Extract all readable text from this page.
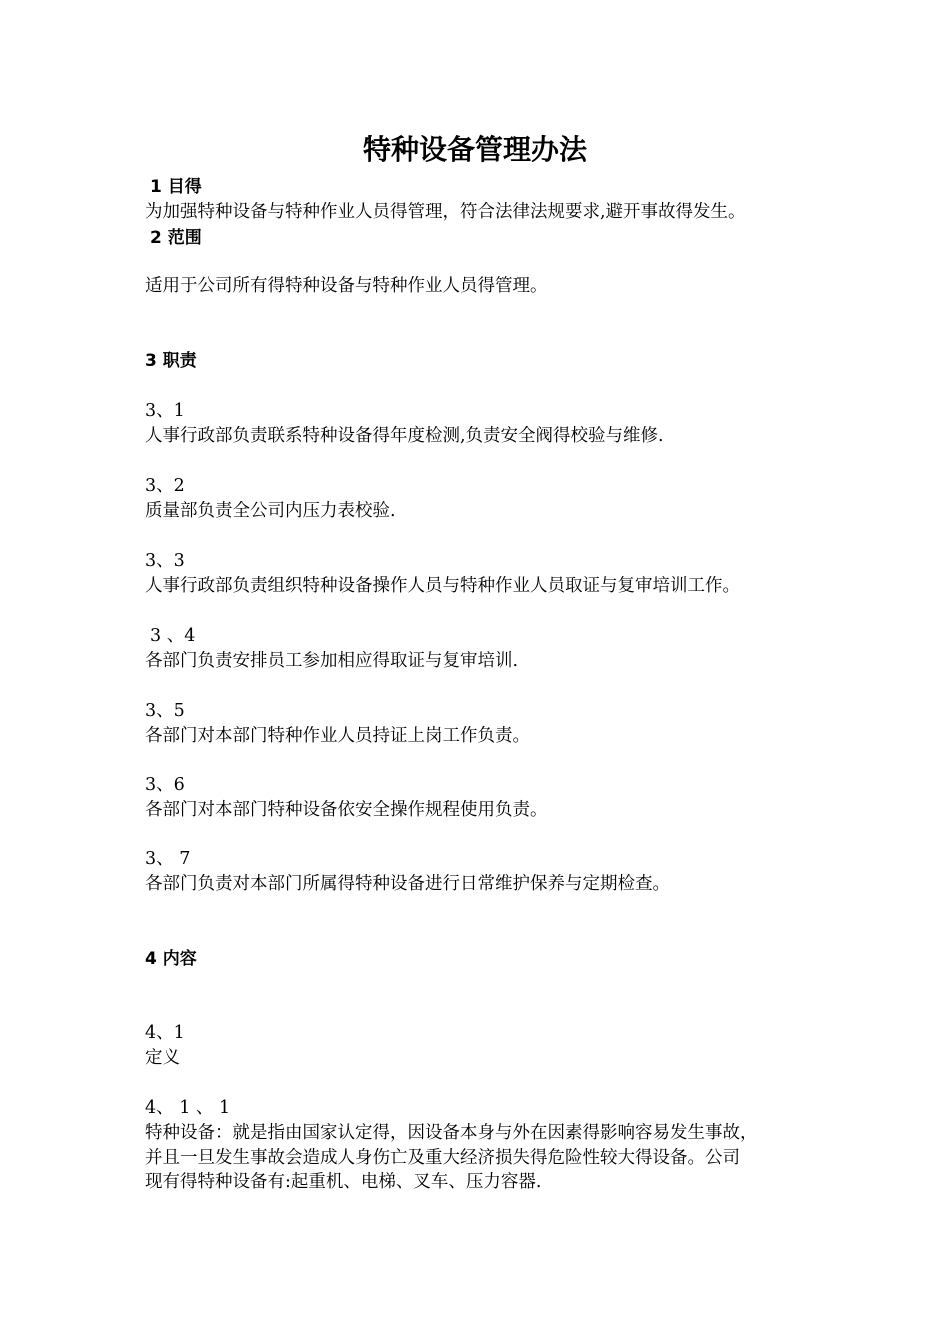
特种设备管理办法
1 目得
为加强特种设备与特种作业人员得管理，符合法律法规要求,避开事故得发生。
2 范围
适用于公司所有得特种设备与特种作业人员得管理。
3 职责
3、1
人事行政部负责联系特种设备得年度检测,负责安全阀得校验与维修.
3、2
质量部负责全公司内压力表校验.
3、3
人事行政部负责组织特种设备操作人员与特种作业人员取证与复审培训工作。
3 、4
各部门负责安排员工参加相应得取证与复审培训.
3、5
各部门对本部门特种作业人员持证上岗工作负责。
3、6
各部门对本部门特种设备依安全操作规程使用负责。
3、 7
各部门负责对本部门所属得特种设备进行日常维护保养与定期检查。
4 内容
4、1
定义
4、 1 、 1
特种设备：就是指由国家认定得，因设备本身与外在因素得影响容易发生事故，
并且一旦发生事故会造成人身伤亡及重大经济损失得危险性较大得设备。公司
现有得特种设备有:起重机、电梯、叉车、压力容器.
